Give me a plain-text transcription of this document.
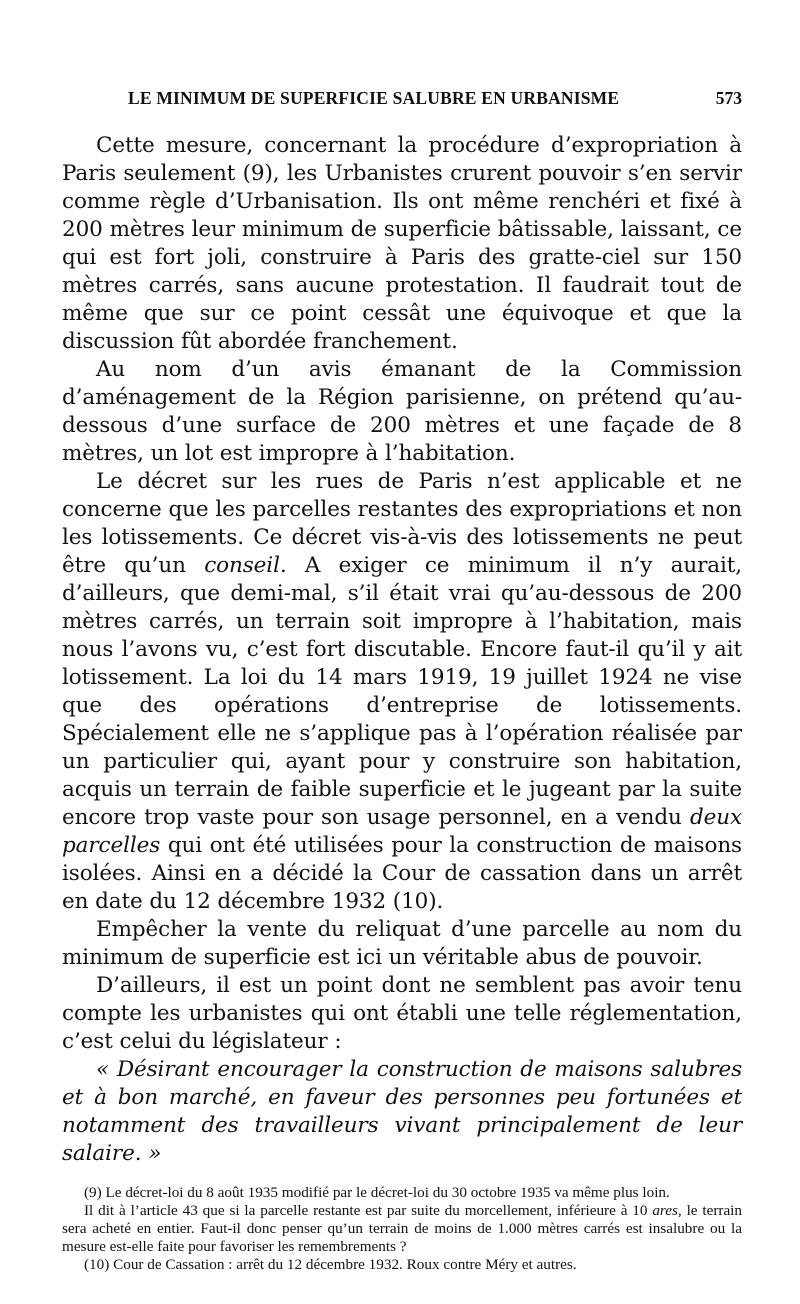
LE MINIMUM DE SUPERFICIE SALUBRE EN URBANISME	573

Cette mesure, concernant la procédure d’expropriation à Paris seulement (9), les Urbanistes crurent pouvoir s’en servir comme règle d’Urbanisation. Ils ont même renchéri et fixé à 200 mètres leur minimum de superficie bâtissable, laissant, ce qui est fort joli, construire à Paris des gratte-ciel sur 150 mètres carrés, sans aucune protestation. Il faudrait tout de même que sur ce point cessât une équivoque et que la discussion fût abordée franchement.

Au nom d’un avis émanant de la Commission d’aménagement de la Région parisienne, on prétend qu’au-dessous d’une surface de 200 mètres et une façade de 8 mètres, un lot est impropre à l’habitation.

Le décret sur les rues de Paris n’est applicable et ne concerne que les parcelles restantes des expropriations et non les lotissements. Ce décret vis-à-vis des lotissements ne peut être qu’un conseil. A exiger ce minimum il n’y aurait, d’ailleurs, que demi-mal, s’il était vrai qu’au-dessous de 200 mètres carrés, un terrain soit impropre à l’habitation, mais nous l’avons vu, c’est fort discutable. Encore faut-il qu’il y ait lotissement. La loi du 14 mars 1919, 19 juillet 1924 ne vise que des opérations d’entreprise de lotissements. Spécialement elle ne s’applique pas à l’opération réalisée par un particulier qui, ayant pour y construire son habitation, acquis un terrain de faible superficie et le jugeant par la suite encore trop vaste pour son usage personnel, en a vendu deux parcelles qui ont été utilisées pour la construction de maisons isolées. Ainsi en a décidé la Cour de cassation dans un arrêt en date du 12 décembre 1932 (10).

Empêcher la vente du reliquat d’une parcelle au nom du minimum de superficie est ici un véritable abus de pouvoir.

D’ailleurs, il est un point dont ne semblent pas avoir tenu compte les urbanistes qui ont établi une telle réglementation, c’est celui du législateur :

« Désirant encourager la construction de maisons salubres et à bon marché, en faveur des personnes peu fortunées et notamment des travailleurs vivant principalement de leur salaire. »

(9) Le décret-loi du 8 août 1935 modifié par le décret-loi du 30 octobre 1935 va même plus loin.

Il dit à l’article 43 que si la parcelle restante est par suite du morcellement, inférieure à 10 ares, le terrain sera acheté en entier. Faut-il donc penser qu’un terrain de moins de 1.000 mètres carrés est insalubre ou la mesure est-elle faite pour favoriser les remembrements ?

(10) Cour de Cassation : arrêt du 12 décembre 1932. Roux contre Méry et autres.
